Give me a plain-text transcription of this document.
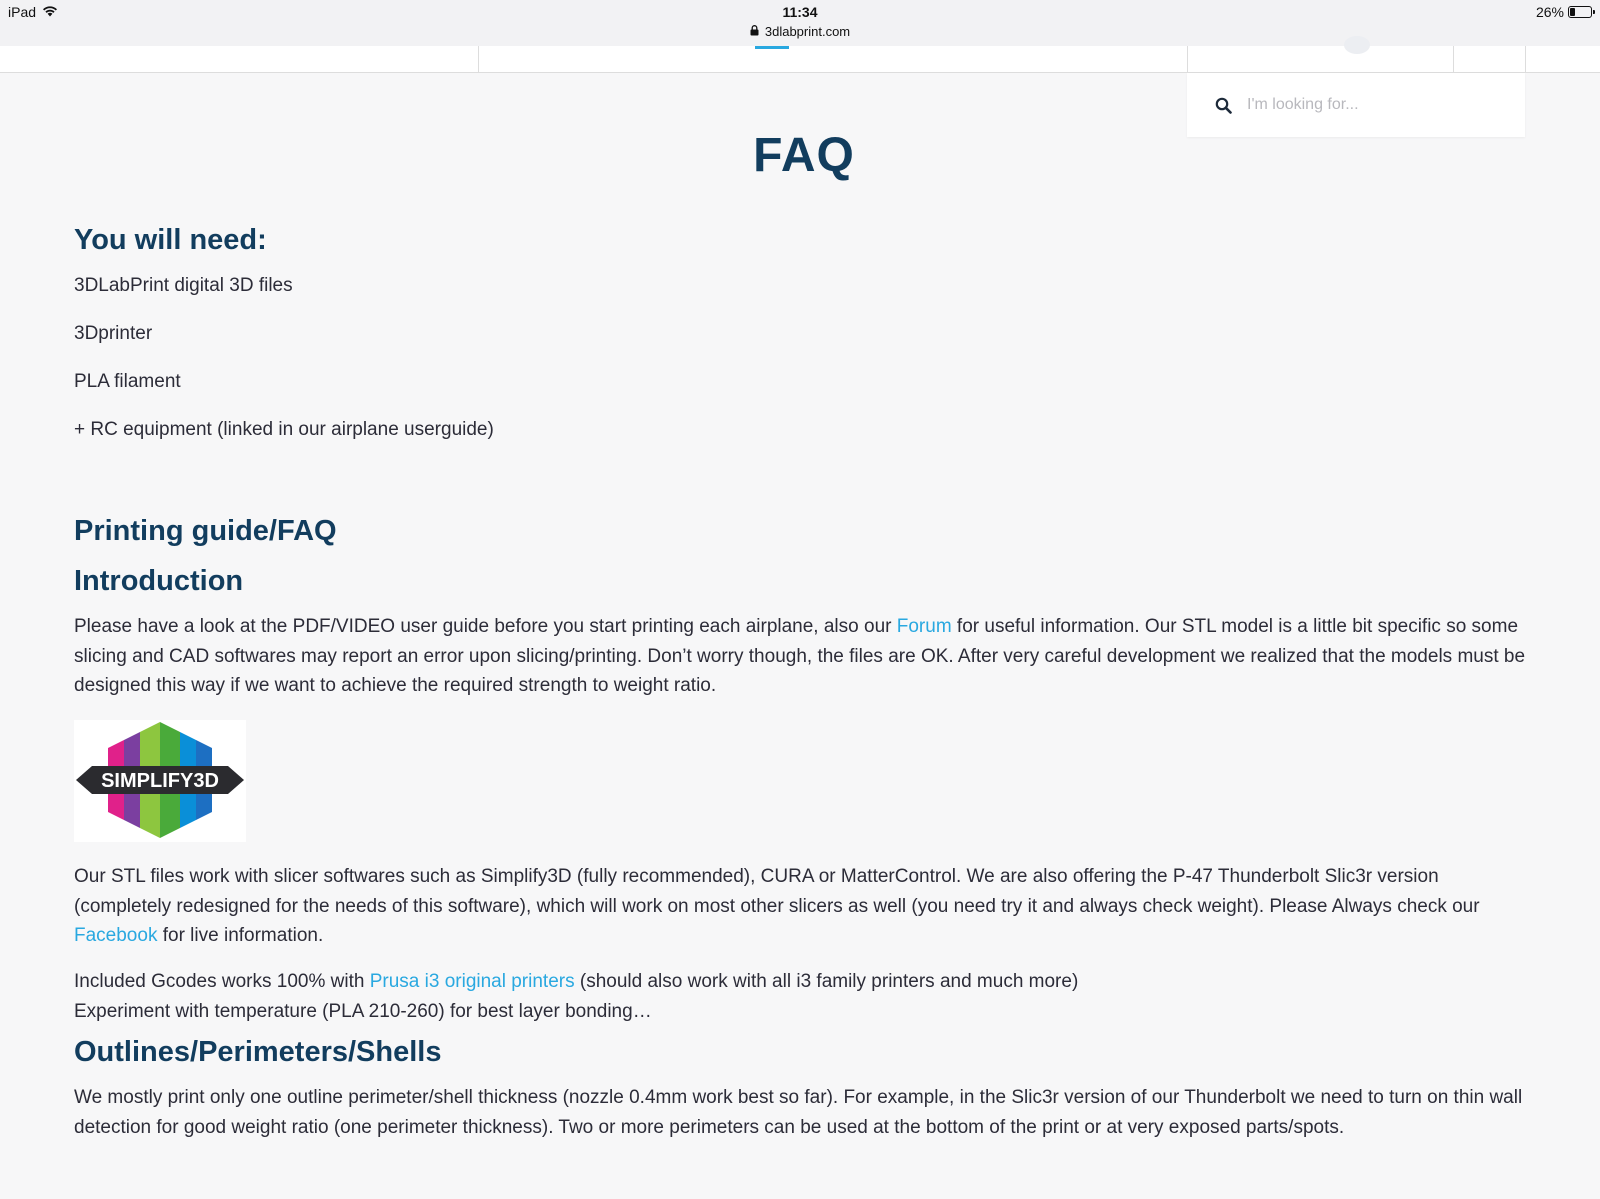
iPad	11:34
3dlabprint.com
26%
I'm looking for...
FAQ
You will need:

3DLabPrint digital 3D files

3Dprinter

PLA filament

+ RC equipment (linked in our airplane userguide)

Printing guide/FAQ
Introduction

Please have a look at the PDF/VIDEO user guide before you start printing each airplane, also our Forum for useful information. Our STL model is a little bit specific so some slicing and CAD softwares may report an error upon slicing/printing. Don’t worry though, the files are OK. After very careful development we realized that the models must be designed this way if we want to achieve the required strength to weight ratio.

SIMPLIFY3D

Our STL files work with slicer softwares such as Simplify3D (fully recommended), CURA or MatterControl. We are also offering the P-47 Thunderbolt Slic3r version (completely redesigned for the needs of this software), which will work on most other slicers as well (you need try it and always check weight). Please Always check our Facebook for live information.

Included Gcodes works 100% with Prusa i3 original printers (should also work with all i3 family printers and much more)
Experiment with temperature (PLA 210-260) for best layer bonding…

Outlines/Perimeters/Shells

We mostly print only one outline perimeter/shell thickness (nozzle 0.4mm work best so far). For example, in the Slic3r version of our Thunderbolt we need to turn on thin wall detection for good weight ratio (one perimeter thickness). Two or more perimeters can be used at the bottom of the print or at very exposed parts/spots.
